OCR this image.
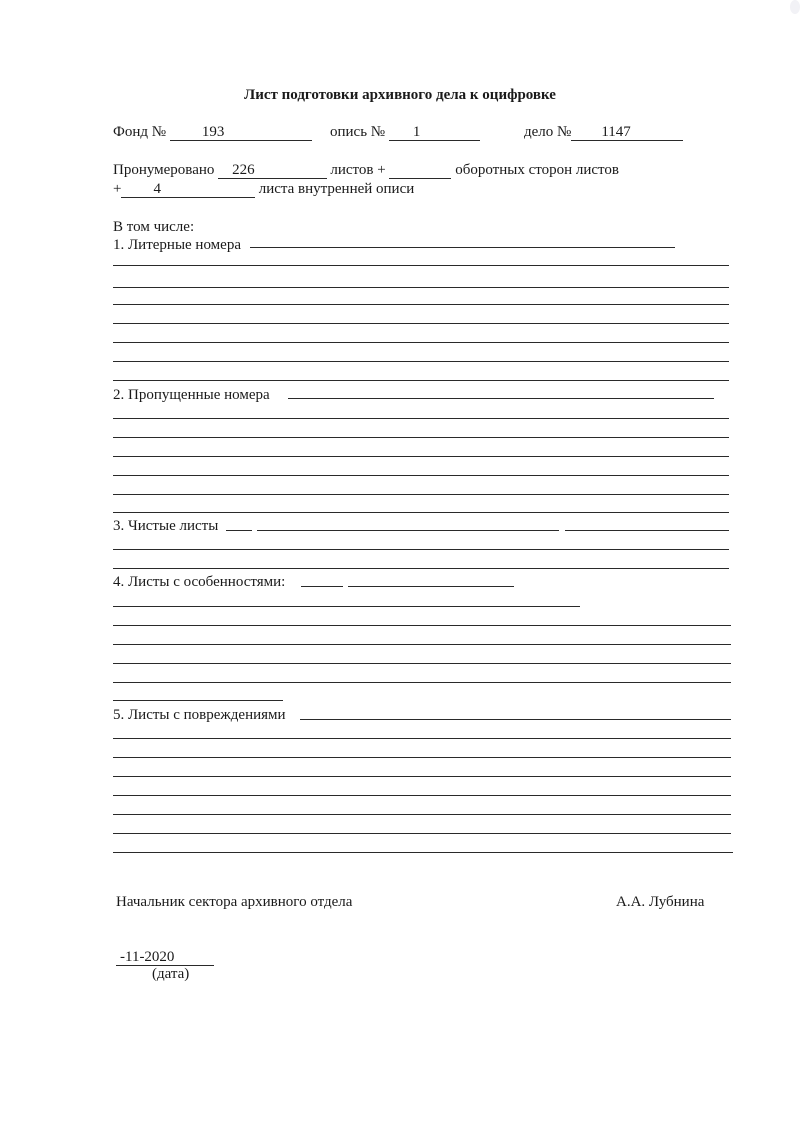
Лист подготовки архивного дела к оцифровке
Фонд № 193	опись № 1	дело № 1147
Пронумеровано 226	листов +	оборотных сторон листов
+ 4	листа внутренней описи
В том числе:
1. Литерные номера
2. Пропущенные номера
3. Чистые листы
4. Листы с особенностями:
5. Листы с повреждениями
Начальник сектора архивного отдела	А.А. Лубнина
-11-2020
(дата)
